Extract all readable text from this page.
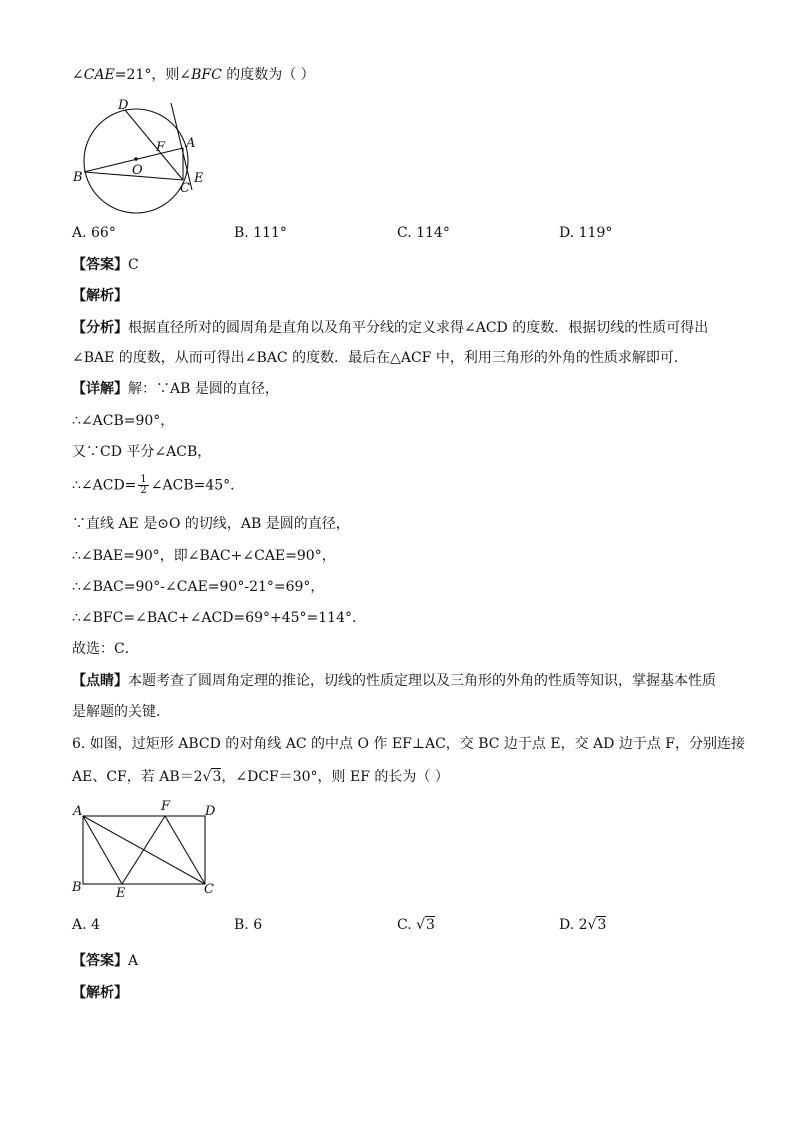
∠CAE=21°，则∠BFC 的度数为（ ）
D
F A
O
B
C
E
A. 66°	B. 111°	C. 114°	D. 119°
【答案】C
【解析】
【分析】根据直径所对的圆周角是直角以及角平分线的定义求得∠ACD 的度数．根据切线的性质可得出
∠BAE 的度数，从而可得出∠BAC 的度数．最后在△ACF 中，利用三角形的外角的性质求解即可．
【详解】解：∵AB 是圆的直径，
∴∠ACB=90°，
又∵CD 平分∠ACB，
∴∠ACD= $\frac{1}{2}$ ∠ACB=45°．
∵直线 AE 是⊙O 的切线，AB 是圆的直径，
∴∠BAE=90°，即∠BAC+∠CAE=90°，
∴∠BAC=90°-∠CAE=90°-21°=69°，
∴∠BFC=∠BAC+∠ACD=69°+45°=114°．
故选：C．
【点睛】本题考查了圆周角定理的推论，切线的性质定理以及三角形的外角的性质等知识，掌握基本性质
是解题的关键．
6. 如图，过矩形 ABCD 的对角线 AC 的中点 O 作 EF⊥AC，交 BC 边于点 E，交 AD 边于点 F，分别连接
AE、CF，若 AB＝2√3，∠DCF＝30°，则 EF 的长为（ ）
A	F	D
B	E	C
A. 4	B. 6	C. √3	D. 2√3
【答案】A
【解析】
